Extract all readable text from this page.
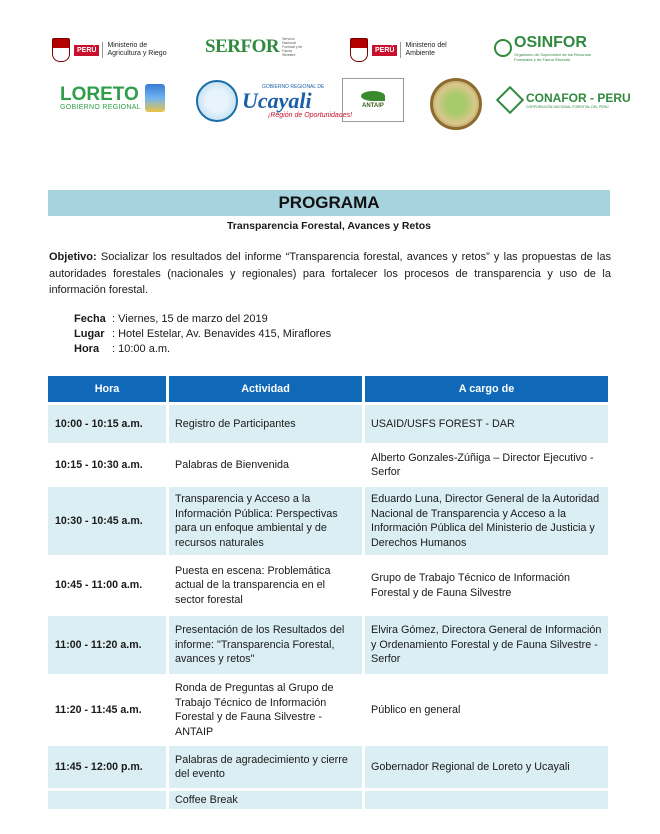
PERÚ
Ministerio de Agricultura y Riego SERFOR Servicio Nacional Forestal y de Fauna Silvestre
PERÚ
Ministerio del Ambiente
OSINFOR
Organismo de Supervisión de los Recursos Forestales y de Fauna Silvestre
LORETO
GOBIERNO REGIONAL
GOBIERNO REGIONAL DE
Ucayali
¡Región de Oportunidades!
ANTAIP
CONAFOR - PERU
CORPORACIÓN NACIONAL FORESTAL DEL PERÚ
PROGRAMA
Transparencia Forestal, Avances y Retos
Objetivo: Socializar los resultados del informe “Transparencia forestal, avances y retos” y las propuestas de las autoridades forestales (nacionales y regionales) para fortalecer los procesos de transparencia y uso de la información forestal.
Fecha : Viernes, 15 de marzo del 2019
Lugar : Hotel Estelar, Av. Benavides 415, Miraflores
Hora : 10:00 a.m.
Hora	Actividad	A cargo de
10:00 - 10:15 a.m.	Registro de Participantes	USAID/USFS FOREST - DAR
10:15 - 10:30 a.m.	Palabras de Bienvenida	Alberto Gonzales-Zúñiga – Director Ejecutivo - Serfor
10:30 - 10:45 a.m.	Transparencia y Acceso a la Información Pública: Perspectivas para un enfoque ambiental y de recursos naturales	Eduardo Luna, Director General de la Autoridad Nacional de Transparencia y Acceso a la Información Pública del Ministerio de Justicia y Derechos Humanos
10:45 - 11:00 a.m.	Puesta en escena: Problemática actual de la transparencia en el sector forestal	Grupo de Trabajo Técnico de Información Forestal y de Fauna Silvestre
11:00 - 11:20 a.m.	Presentación de los Resultados del informe: "Transparencia Forestal, avances y retos"	Elvira Gómez, Directora General de Información y Ordenamiento Forestal y de Fauna Silvestre - Serfor
11:20 - 11:45 a.m.	Ronda de Preguntas al Grupo de Trabajo Técnico de Información Forestal y de Fauna Silvestre - ANTAIP	Público en general
11:45 - 12:00 p.m.	Palabras de agradecimiento y cierre del evento	Gobernador Regional de Loreto y Ucayali
	Coffee Break	
